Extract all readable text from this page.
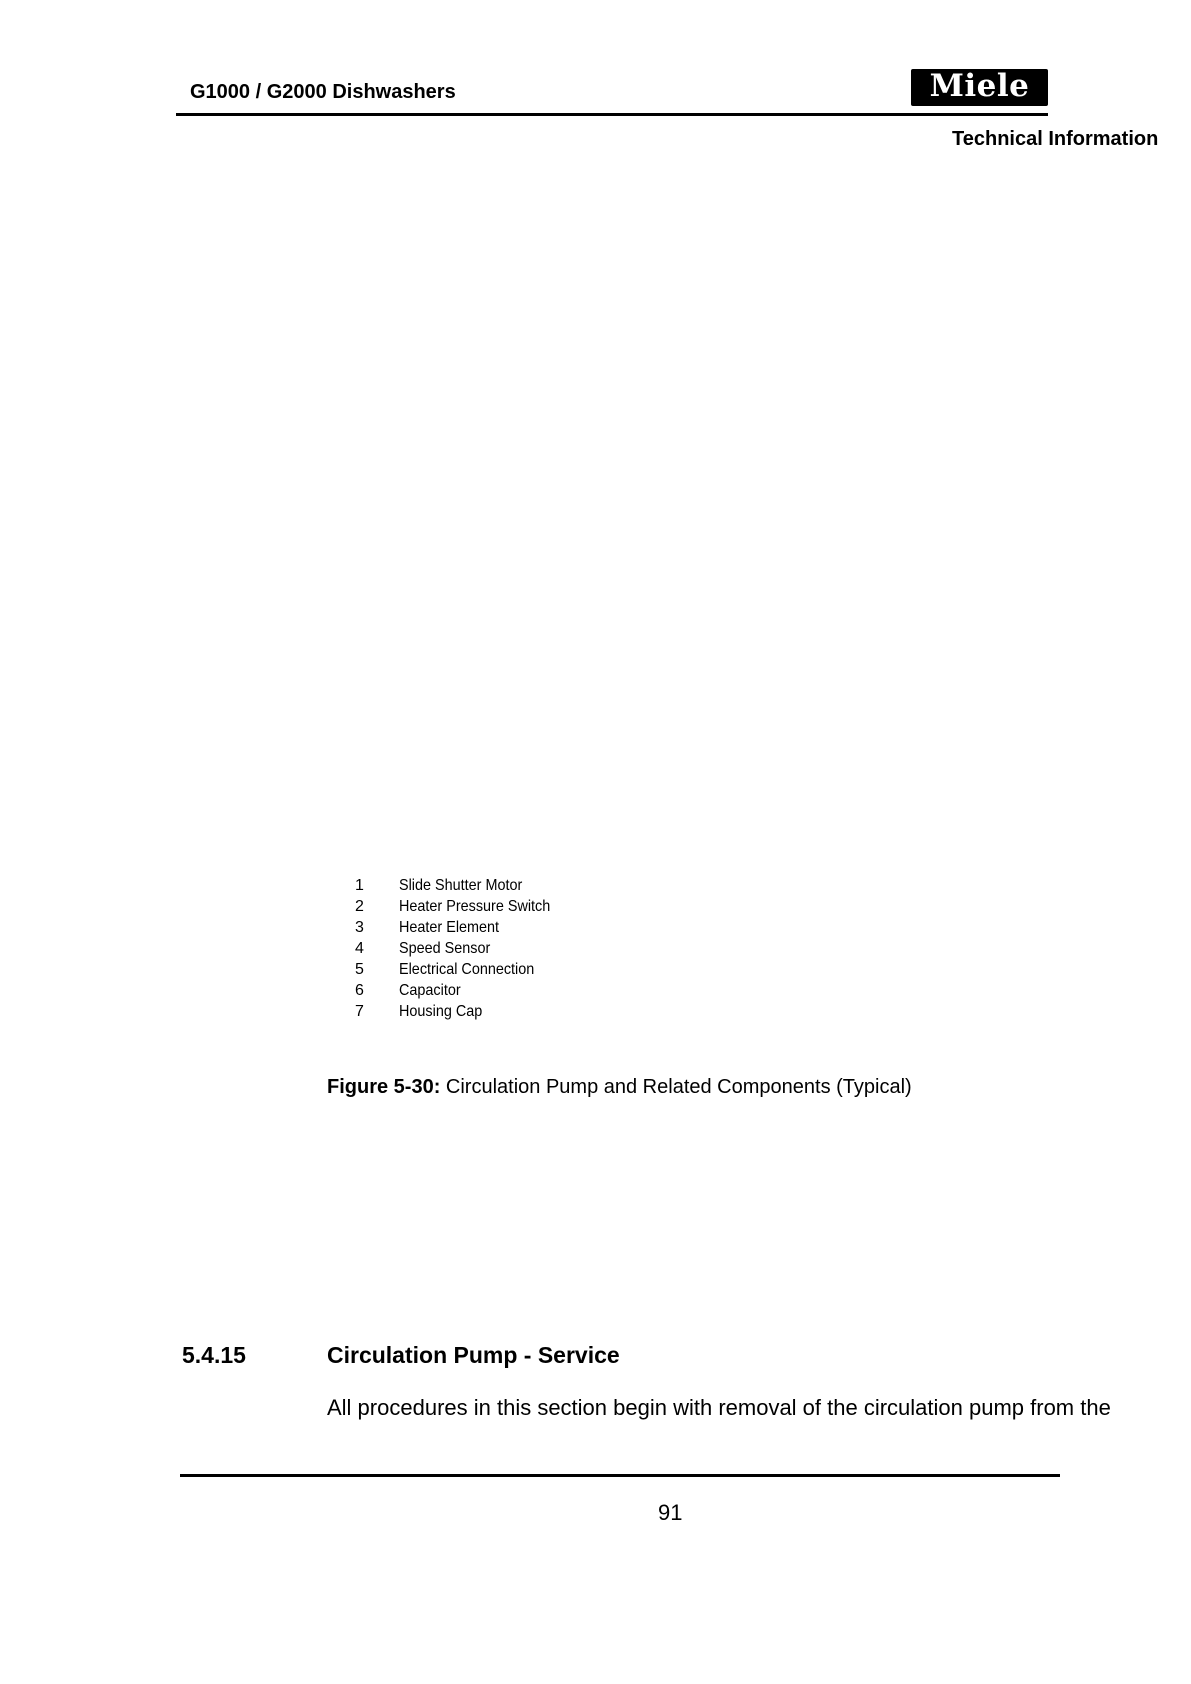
G1000 / G2000 Dishwashers	Miele
Technical Information
1 Slide Shutter Motor
2 Heater Pressure Switch
3 Heater Element
4 Speed Sensor
5 Electrical Connection
6 Capacitor
7 Housing Cap
Figure 5-30: Circulation Pump and Related Components (Typical)
5.4.15	Circulation Pump - Service
All procedures in this section begin with removal of the circulation pump from the
91
